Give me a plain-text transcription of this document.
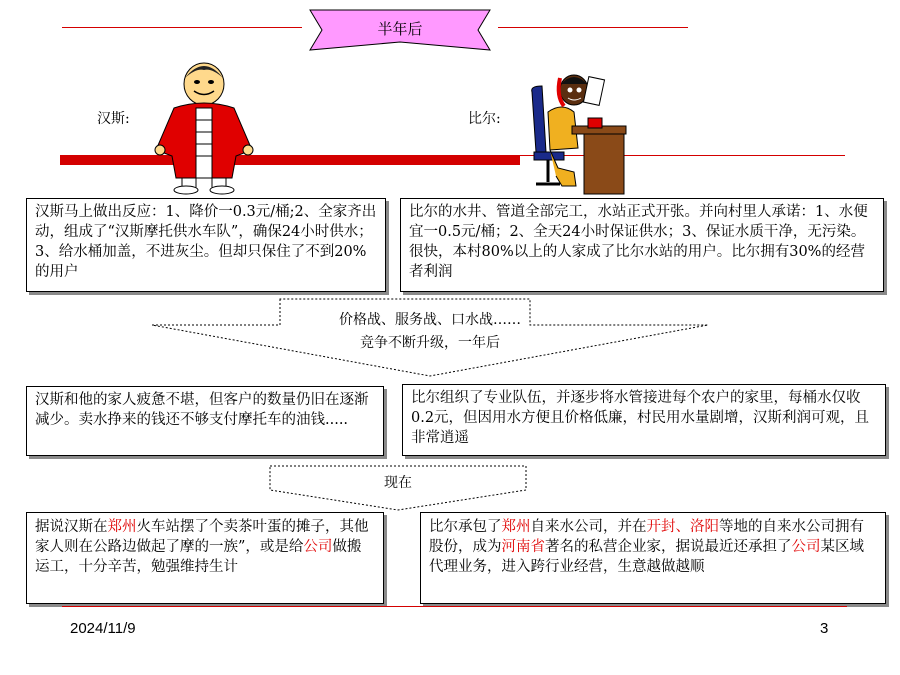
半年后
汉斯:	比尔:
汉斯马上做出反应：1、降价一0.3元/桶;2、全家齐出动，组成了“汉斯摩托供水车队”，确保24小时供水；3、给水桶加盖，不进灰尘。但却只保住了不到20%的用户
比尔的水井、管道全部完工，水站正式开张。并向村里人承诺：1、水便宜一0.5元/桶；2、全天24小时保证供水；3、保证水质干净，无污染。很快，本村80%以上的人家成了比尔水站的用户。比尔拥有30%的经营者利润
价格战、服务战、口水战……
竞争不断升级，一年后
汉斯和他的家人疲惫不堪，但客户的数量仍旧在逐渐减少。卖水挣来的钱还不够支付摩托车的油钱.....
比尔组织了专业队伍，并逐步将水管接进每个农户的家里，每桶水仅收0.2元，但因用水方便且价格低廉，村民用水量剧增，汉斯利润可观，且非常逍遥
现在
据说汉斯在郑州火车站摆了个卖茶叶蛋的摊子，其他家人则在公路边做起了摩的一族”，或是给公司做搬运工，十分辛苦，勉强维持生计
比尔承包了郑州自来水公司，并在开封、洛阳等地的自来水公司拥有股份，成为河南省著名的私营企业家，据说最近还承担了公司某区域代理业务，进入跨行业经营，生意越做越顺
2024/11/9	3
